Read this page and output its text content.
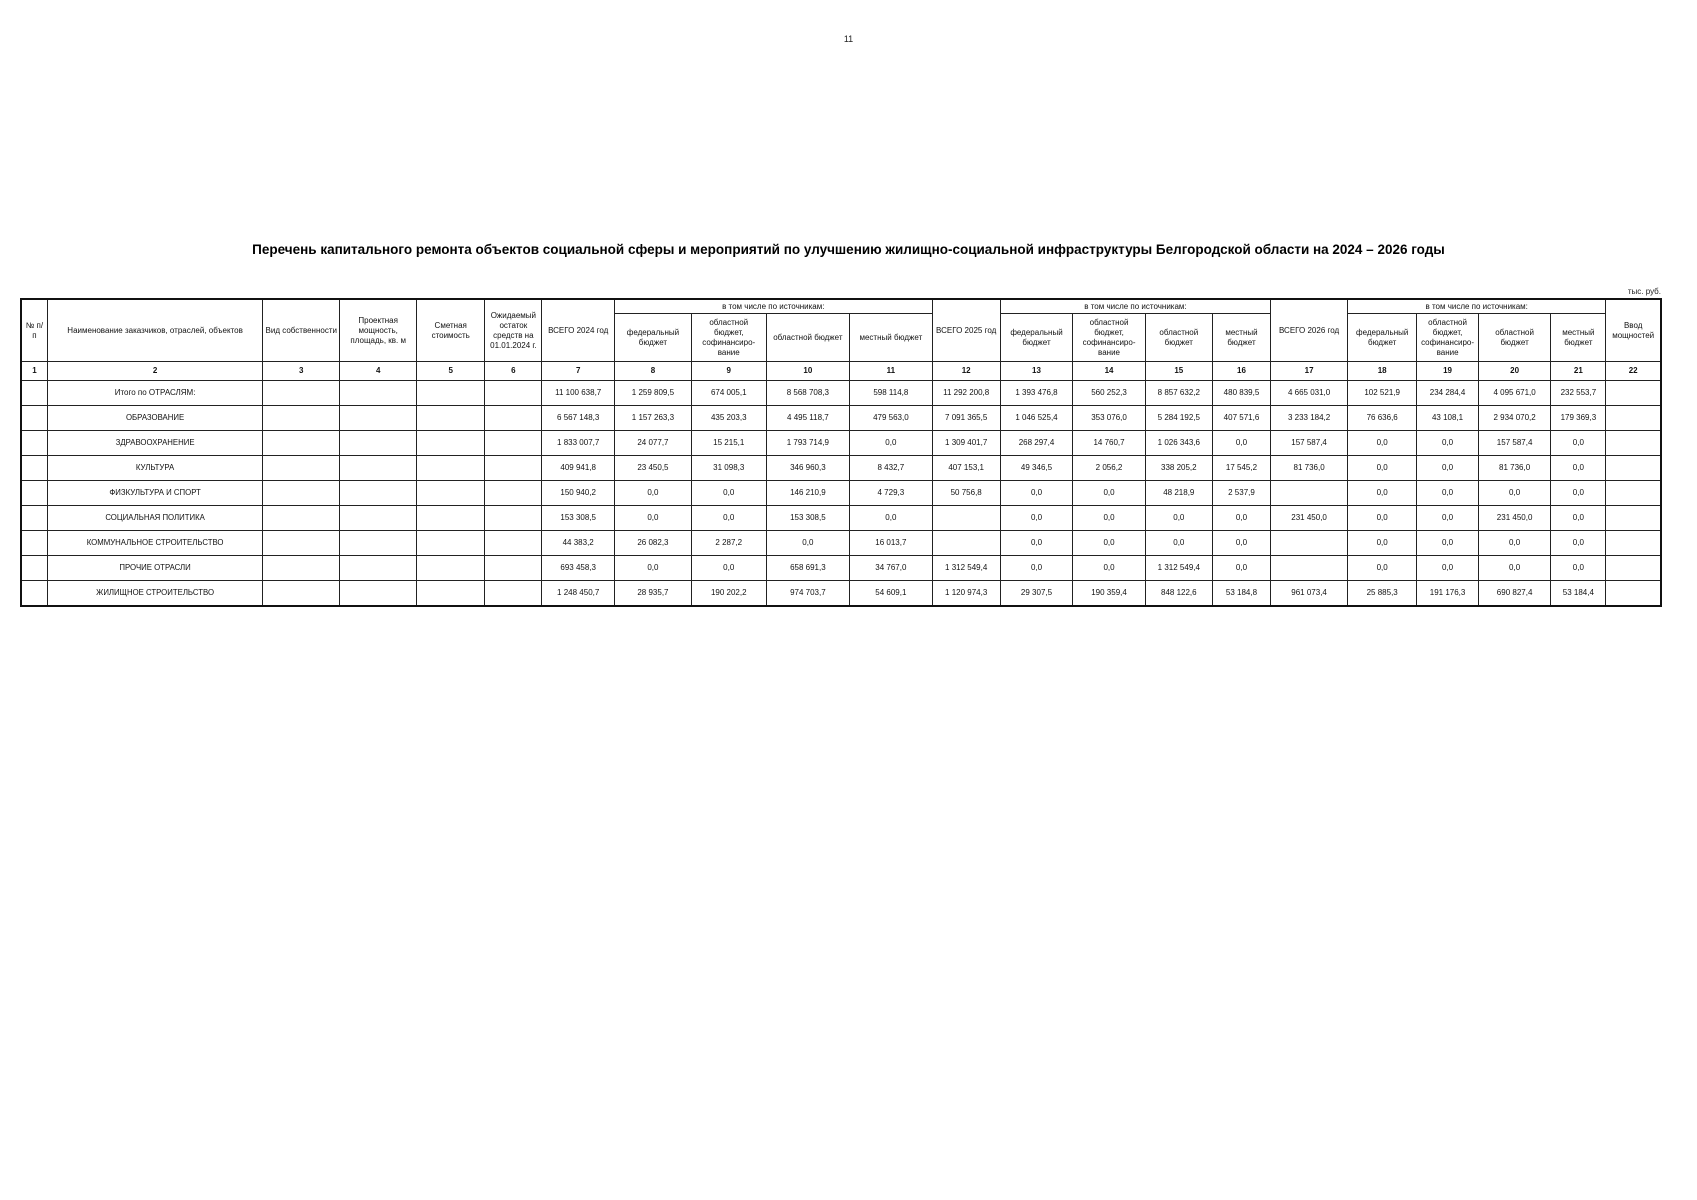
11
Перечень капитального ремонта объектов социальной сферы и мероприятий по улучшению жилищно-социальной инфраструктуры Белгородской области на 2024 – 2026 годы
тыс. руб.
№ п/п	Наименование заказчиков, отраслей, объектов	Вид собственности	Проектная мощность, площадь, кв. м	Сметная стоимость	Ожидаемый остаток средств на 01.01.2024 г.	ВСЕГО 2024 год	в том числе по источникам:				ВСЕГО 2025 год	в том числе по источникам:				ВСЕГО 2026 год	в том числе по источникам:				Ввод мощностей
							федеральный бюджет	областной бюджет, софинансиро-вание	областной бюджет	местный бюджет		федеральный бюджет	областной бюджет, софинансиро-вание	областной бюджет	местный бюджет		федеральный бюджет	областной бюджет, софинансиро-вание	областной бюджет	местный бюджет	
1	2	3	4	5	6	7	8	9	10	11	12	13	14	15	16	17	18	19	20	21	22
	Итого по ОТРАСЛЯМ:					11 100 638,7	1 259 809,5	674 005,1	8 568 708,3	598 114,8	11 292 200,8	1 393 476,8	560 252,3	8 857 632,2	480 839,5	4 665 031,0	102 521,9	234 284,4	4 095 671,0	232 553,7	
	ОБРАЗОВАНИЕ					6 567 148,3	1 157 263,3	435 203,3	4 495 118,7	479 563,0	7 091 365,5	1 046 525,4	353 076,0	5 284 192,5	407 571,6	3 233 184,2	76 636,6	43 108,1	2 934 070,2	179 369,3	
	ЗДРАВООХРАНЕНИЕ					1 833 007,7	24 077,7	15 215,1	1 793 714,9	0,0	1 309 401,7	268 297,4	14 760,7	1 026 343,6	0,0	157 587,4	0,0	0,0	157 587,4	0,0	
	КУЛЬТУРА					409 941,8	23 450,5	31 098,3	346 960,3	8 432,7	407 153,1	49 346,5	2 056,2	338 205,2	17 545,2	81 736,0	0,0	0,0	81 736,0	0,0	
	ФИЗКУЛЬТУРА И СПОРТ					150 940,2	0,0	0,0	146 210,9	4 729,3	50 756,8	0,0	0,0	48 218,9	2 537,9		0,0	0,0	0,0	0,0	
	СОЦИАЛЬНАЯ ПОЛИТИКА					153 308,5	0,0	0,0	153 308,5	0,0		0,0	0,0	0,0	0,0	231 450,0	0,0	0,0	231 450,0	0,0	
	КОММУНАЛЬНОЕ СТРОИТЕЛЬСТВО					44 383,2	26 082,3	2 287,2	0,0	16 013,7		0,0	0,0	0,0	0,0		0,0	0,0	0,0	0,0	
	ПРОЧИЕ ОТРАСЛИ					693 458,3	0,0	0,0	658 691,3	34 767,0	1 312 549,4	0,0	0,0	1 312 549,4	0,0		0,0	0,0	0,0	0,0	
	ЖИЛИЩНОЕ СТРОИТЕЛЬСТВО					1 248 450,7	28 935,7	190 202,2	974 703,7	54 609,1	1 120 974,3	29 307,5	190 359,4	848 122,6	53 184,8	961 073,4	25 885,3	191 176,3	690 827,4	53 184,4	
